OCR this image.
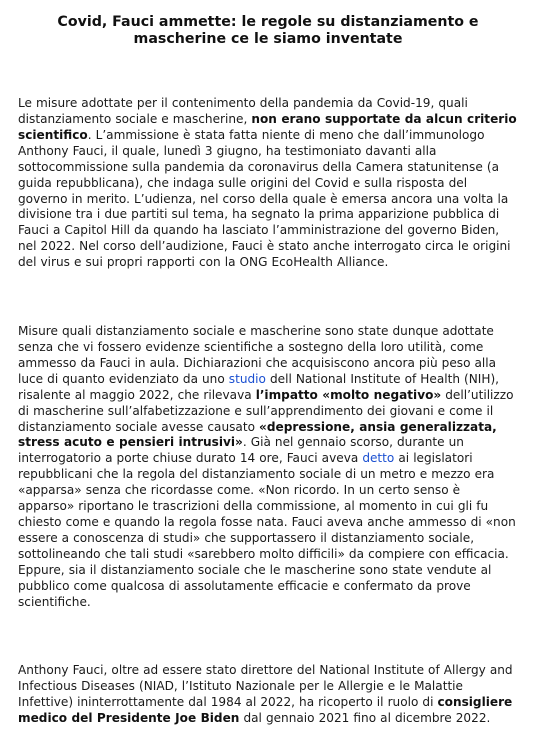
Covid, Fauci ammette: le regole su distanziamento e
mascherine ce le siamo inventate

Le misure adottate per il contenimento della pandemia da Covid-19, quali distanziamento sociale e mascherine, non erano supportate da alcun criterio scientifico. L’ammissione è stata fatta niente di meno che dall’immunologo Anthony Fauci, il quale, lunedì 3 giugno, ha testimoniato davanti alla sottocommissione sulla pandemia da coronavirus della Camera statunitense (a guida repubblicana), che indaga sulle origini del Covid e sulla risposta del governo in merito. L’udienza, nel corso della quale è emersa ancora una volta la divisione tra i due partiti sul tema, ha segnato la prima apparizione pubblica di Fauci a Capitol Hill da quando ha lasciato l’amministrazione del governo Biden, nel 2022. Nel corso dell’audizione, Fauci è stato anche interrogato circa le origini del virus e sui propri rapporti con la ONG EcoHealth Alliance.

Misure quali distanziamento sociale e mascherine sono state dunque adottate senza che vi fossero evidenze scientifiche a sostegno della loro utilità, come ammesso da Fauci in aula. Dichiarazioni che acquisiscono ancora più peso alla luce di quanto evidenziato da uno studio dell National Institute of Health (NIH), risalente al maggio 2022, che rilevava l’impatto «molto negativo» dell’utilizzo di mascherine sull’alfabetizzazione e sull’apprendimento dei giovani e come il distanziamento sociale avesse causato «depressione, ansia generalizzata, stress acuto e pensieri intrusivi». Già nel gennaio scorso, durante un interrogatorio a porte chiuse durato 14 ore, Fauci aveva detto ai legislatori repubblicani che la regola del distanziamento sociale di un metro e mezzo era «apparsa» senza che ricordasse come. «Non ricordo. In un certo senso è apparso» riportano le trascrizioni della commissione, al momento in cui gli fu chiesto come e quando la regola fosse nata. Fauci aveva anche ammesso di «non essere a conoscenza di studi» che supportassero il distanziamento sociale, sottolineando che tali studi «sarebbero molto difficili» da compiere con efficacia. Eppure, sia il distanziamento sociale che le mascherine sono state vendute al pubblico come qualcosa di assolutamente efficacie e confermato da prove scientifiche.

Anthony Fauci, oltre ad essere stato direttore del National Institute of Allergy and Infectious Diseases (NIAD, l’Istituto Nazionale per le Allergie e le Malattie Infettive) ininterrottamente dal 1984 al 2022, ha ricoperto il ruolo di consigliere medico del Presidente Joe Biden dal gennaio 2021 fino al dicembre 2022.
